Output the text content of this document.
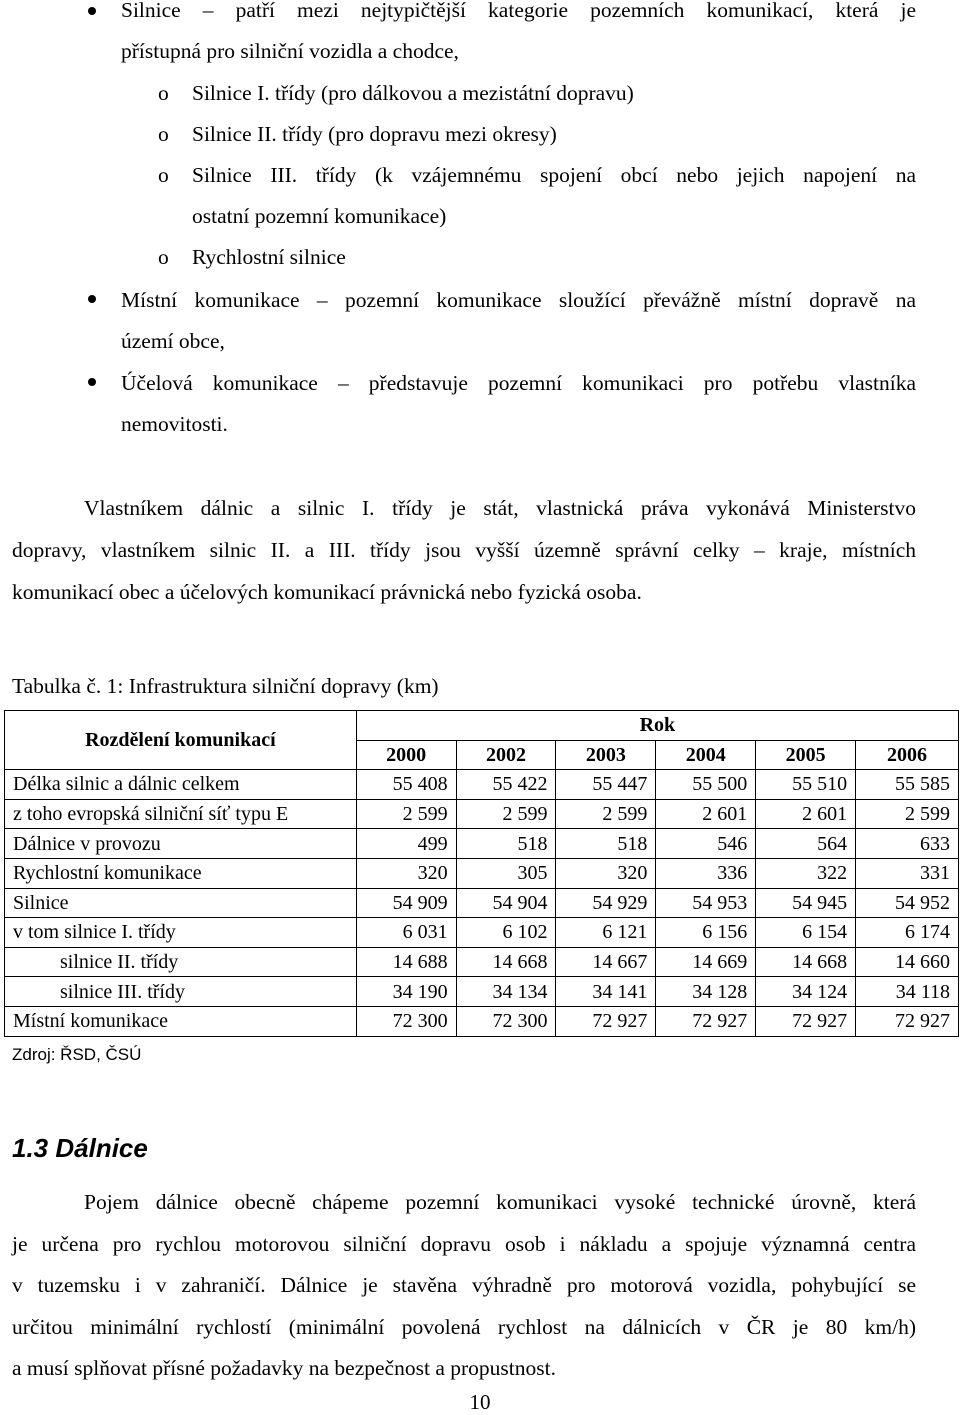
Silnice – patří mezi nejtypičtější kategorie pozemních komunikací, která je
přístupná pro silniční vozidla a chodce,
o Silnice I. třídy (pro dálkovou a mezistátní dopravu)
o Silnice II. třídy (pro dopravu mezi okresy)
o Silnice III. třídy (k vzájemnému spojení obcí nebo jejich napojení na
ostatní pozemní komunikace)
o Rychlostní silnice
Místní komunikace – pozemní komunikace sloužící převážně místní dopravě na
území obce,
Účelová komunikace – představuje pozemní komunikaci pro potřebu vlastníka
nemovitosti.
Vlastníkem dálnic a silnic I. třídy je stát, vlastnická práva vykonává Ministerstvo
dopravy, vlastníkem silnic II. a III. třídy jsou vyšší územně správní celky – kraje, místních
komunikací obec a účelových komunikací právnická nebo fyzická osoba.
Tabulka č. 1: Infrastruktura silniční dopravy (km)
Rozdělení komunikací	Rok					
	2000	2002	2003	2004	2005	2006
Délka silnic a dálnic celkem	55 408	55 422	55 447	55 500	55 510	55 585
z toho evropská silniční síť typu E	2 599	2 599	2 599	2 601	2 601	2 599
Dálnice v provozu	499	518	518	546	564	633
Rychlostní komunikace	320	305	320	336	322	331
Silnice	54 909	54 904	54 929	54 953	54 945	54 952
v tom silnice I. třídy	6 031	6 102	6 121	6 156	6 154	6 174
silnice II. třídy	14 688	14 668	14 667	14 669	14 668	14 660
silnice III. třídy	34 190	34 134	34 141	34 128	34 124	34 118
Místní komunikace	72 300	72 300	72 927	72 927	72 927	72 927
Zdroj: ŘSD, ČSÚ
1.3 Dálnice
Pojem dálnice obecně chápeme pozemní komunikaci vysoké technické úrovně, která
je určena pro rychlou motorovou silniční dopravu osob i nákladu a spojuje významná centra
v tuzemsku i v zahraničí. Dálnice je stavěna výhradně pro motorová vozidla, pohybující se
určitou minimální rychlostí (minimální povolená rychlost na dálnicích v ČR je 80 km/h)
a musí splňovat přísné požadavky na bezpečnost a propustnost.
10
